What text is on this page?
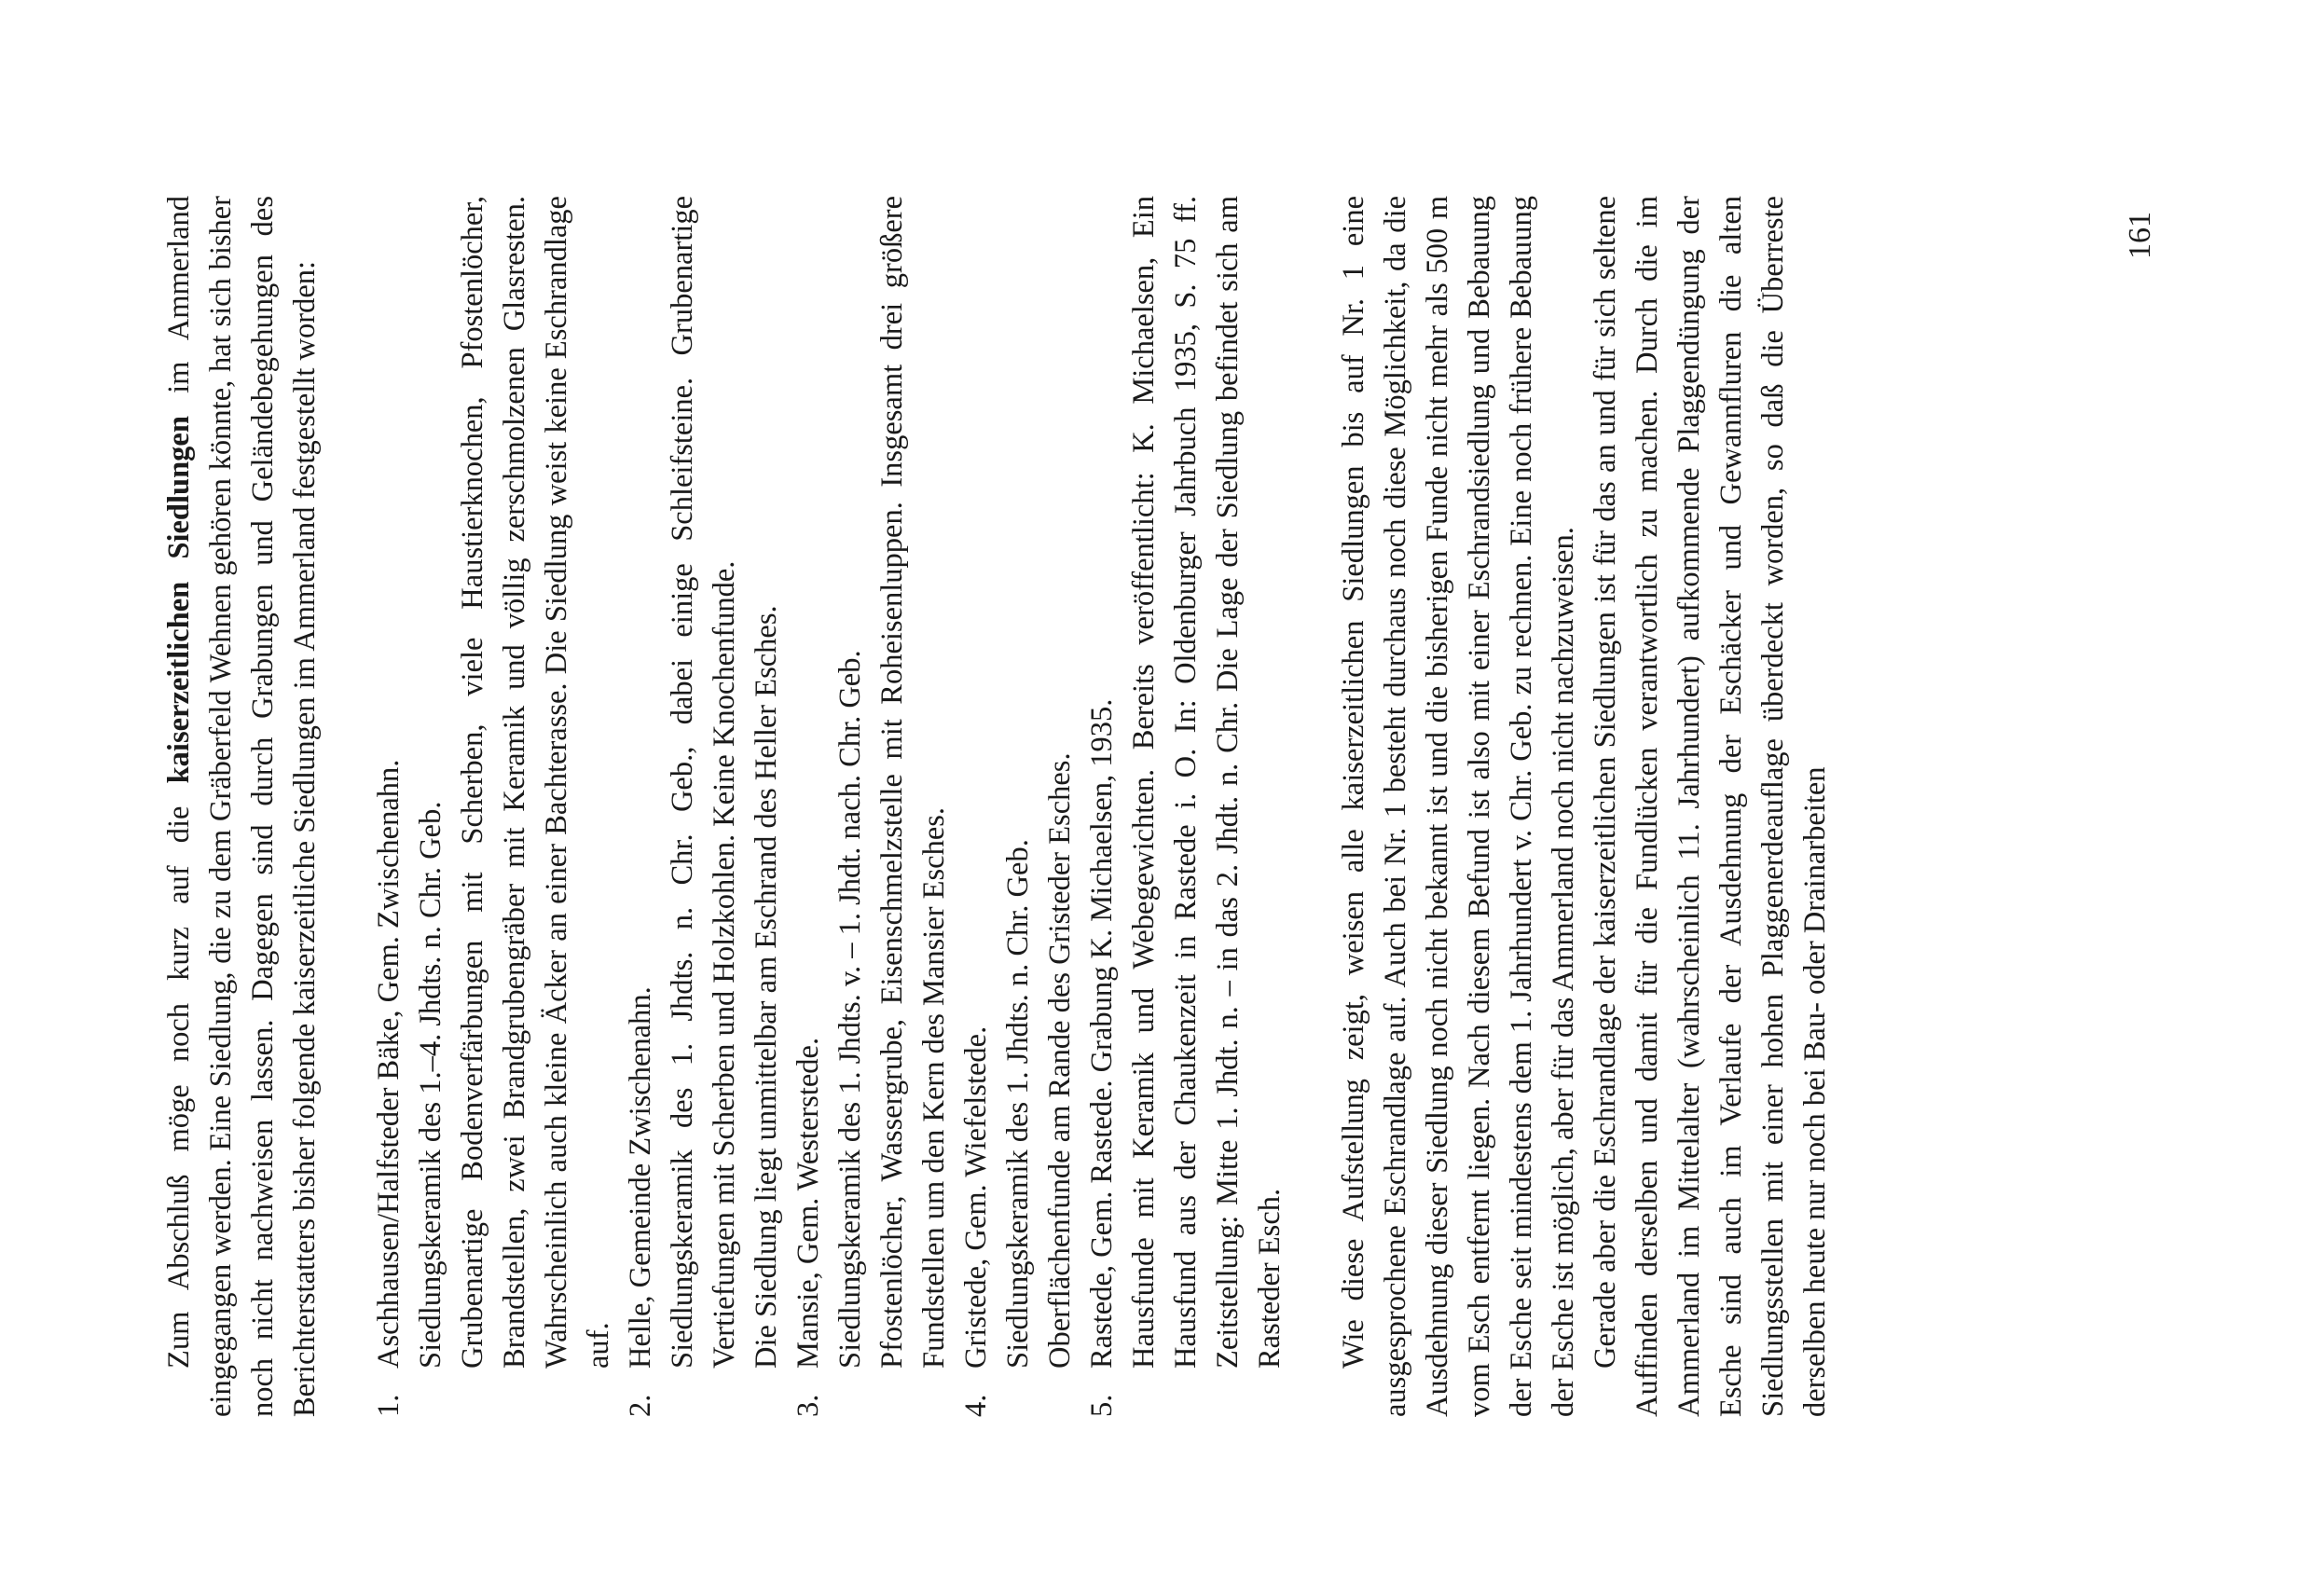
Zum Abschluß möge noch kurz auf die kaiserzeitlichen Siedlungen im Ammerland eingegangen werden. Eine Siedlung, die zu dem Gräberfeld Wehnen gehören könnte, hat sich bisher noch nicht nachweisen lassen. Dagegen sind durch Grabungen und Geländebegehungen des Berichterstatters bisher folgende kaiserzeitliche Siedlungen im Ammerland festgestellt worden: 1.
Aschhausen/Halfsteder Bäke, Gem. Zwischenahn. Siedlungskeramik des 1.–4. Jhdts. n. Chr. Geb. Grubenartige Bodenverfärbungen mit Scherben, viele Haustierknochen, Pfostenlöcher, Brandstellen, zwei Brandgrubengräber mit Keramik und völlig zerschmolzenen Glasresten. Wahrscheinlich auch kleine Äcker an einer Bachterasse. Die Siedlung weist keine Eschrandlage auf.
2.
Helle, Gemeinde Zwischenahn. Siedlungskeramik des 1. Jhdts. n. Chr. Geb., dabei einige Schleifsteine. Grubenartige Vertiefungen mit Scherben und Holzkohlen. Keine Knochenfunde. Die Siedlung liegt unmittelbar am Eschrand des Heller Esches.
3.
Mansie, Gem. Westerstede. Siedlungskeramik des 1. Jhdts. v. – 1. Jhdt. nach. Chr. Geb. Pfostenlöcher, Wassergrube, Eisenschmelzstelle mit Roheisenluppen. Insgesamt drei größere Fundstellen um den Kern des Mansier Esches.
4.
Gristede, Gem. Wiefelstede. Siedlungskeramik des 1. Jhdts. n. Chr. Geb. Oberflächenfunde am Rande des Gristeder Esches.
5.
Rastede, Gem. Rastede. Grabung K. Michaelsen, 1935. Hausfunde mit Keramik und Webegewichten. Bereits veröffentlicht: K. Michaelsen, Ein Hausfund aus der Chaukenzeit in Rastede i. O. In: Oldenburger Jahrbuch 1935, S. 75 ff. Zeitstellung: Mitte 1. Jhdt. n. – in das 2. Jhdt. n. Chr. Die Lage der Siedlung befindet sich am Rasteder Esch. Wie diese Aufstellung zeigt, weisen alle kaiserzeitlichen Siedlungen bis auf Nr. 1 eine ausgesprochene Eschrandlage auf. Auch bei Nr. 1 besteht durchaus noch diese Möglichkeit, da die Ausdehnung dieser Siedlung noch nicht bekannt ist und die bisherigen Funde nicht mehr als 500 m vom Esch entfernt liegen. Nach diesem Befund ist also mit einer Eschrandsiedlung und Bebauung der Esche seit mindestens dem 1. Jahrhundert v. Chr. Geb. zu rechnen. Eine noch frühere Bebauung der Esche ist möglich, aber für das Ammerland noch nicht nachzuweisen. Gerade aber die Eschrandlage der kaiserzeitlichen Siedlungen ist für das an und für sich seltene Auffinden derselben und damit für die Fundlücken verantwortlich zu machen. Durch die im Ammerland im Mittelalter (wahrscheinlich 11. Jahrhundert) aufkommende Plaggendüngung der Esche sind auch im Verlaufe der Ausdehnung der Eschäcker und Gewannfluren die alten Siedlungsstellen mit einer hohen Plaggenerdeauflage überdeckt worden, so daß die Überreste derselben heute nur noch bei Bau- oder Drainarbeiten

161
